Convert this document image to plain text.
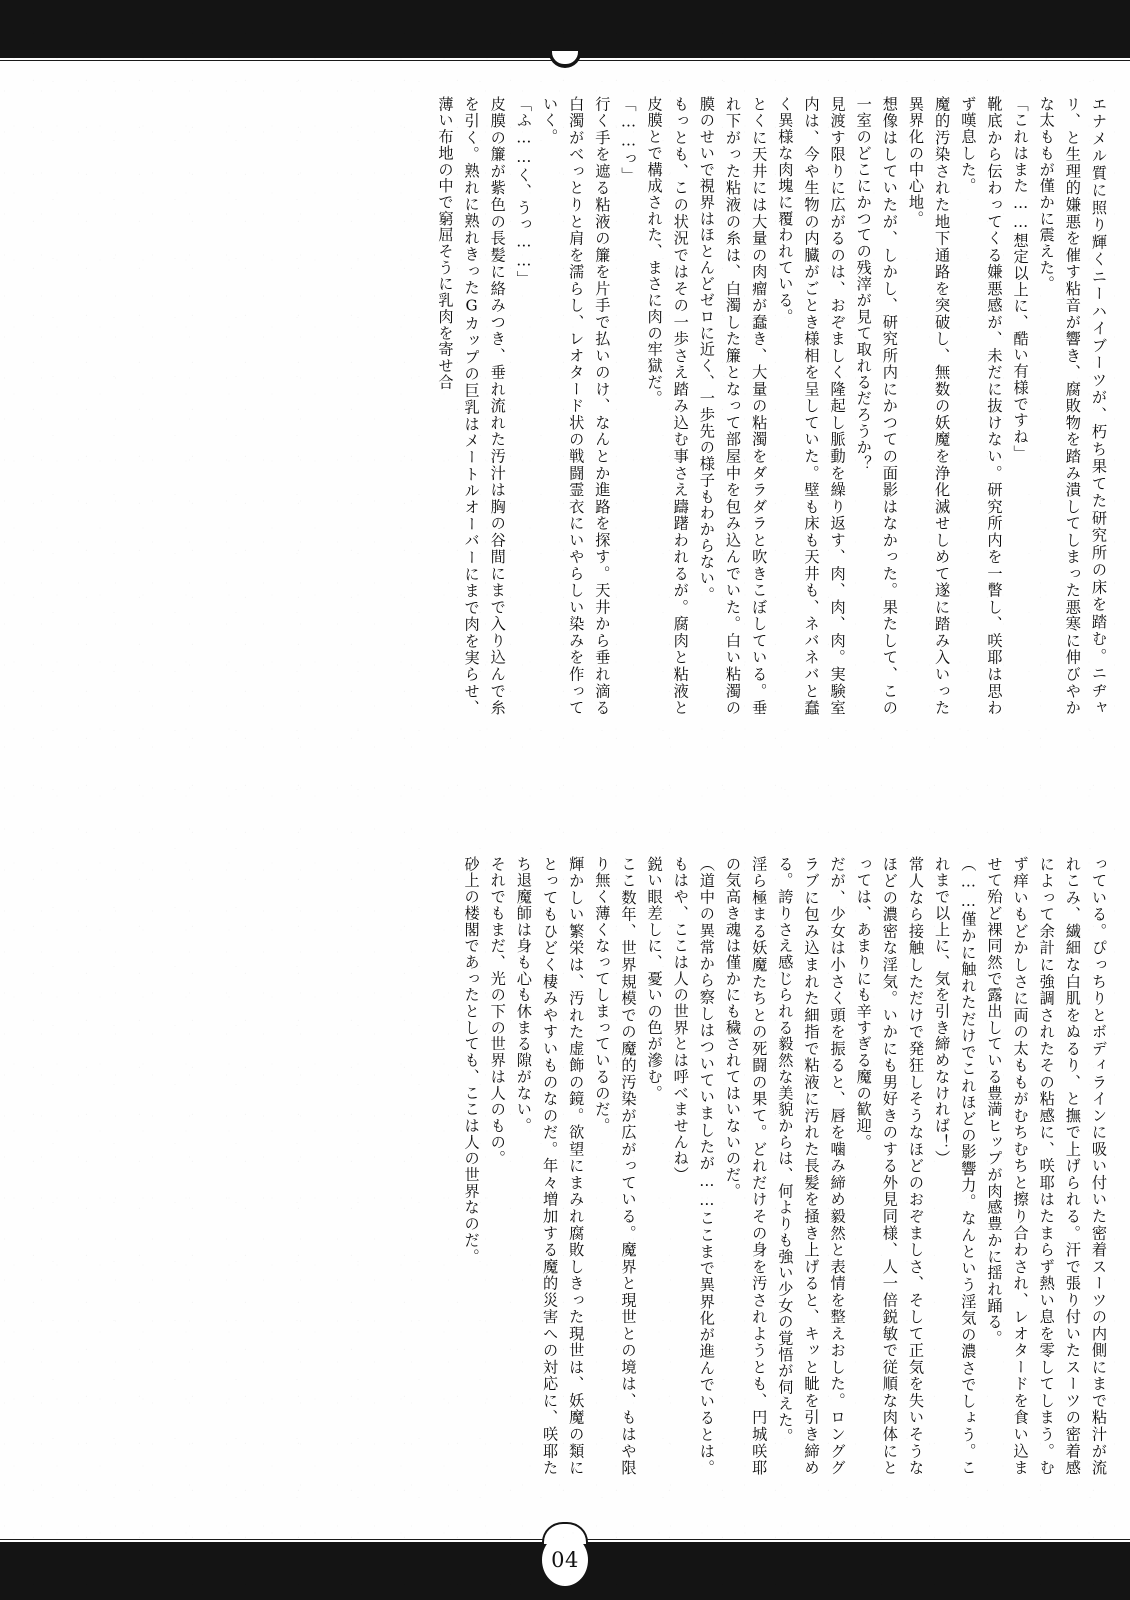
エナメル質に照り輝くニーハイブーツが、朽ち果てた研究所の床を踏む。ニヂャリ、と生理的嫌悪を催す粘音が響き、腐敗物を踏み潰してしまった悪寒に伸びやかな太ももが僅かに震えた。

「これはまた……想定以上に、酷い有様ですね」

靴底から伝わってくる嫌悪感が、未だに抜けない。研究所内を一瞥し、咲耶は思わず嘆息した。

魔的汚染された地下通路を突破し、無数の妖魔を浄化滅せしめて遂に踏み入いった異界化の中心地。

想像はしていたが、しかし、研究所内にかつての面影はなかった。果たして、この一室のどこにかつての残滓が見て取れるだろうか？

見渡す限りに広がるのは、おぞましく隆起し脈動を繰り返す、肉、肉、肉。実験室内は、今や生物の内臓がごとき様相を呈していた。壁も床も天井も、ネバネバと蠢く異様な肉塊に覆われている。

とくに天井には大量の肉瘤が蠢き、大量の粘濁をダラダラと吹きこぼしている。垂れ下がった粘液の糸は、白濁した簾となって部屋中を包み込んでいた。白い粘濁の膜のせいで視界はほとんどゼロに近く、一歩先の様子もわからない。

もっとも、この状況ではその一歩さえ踏み込む事さえ躊躇われるが。腐肉と粘液と皮膜とで構成された、まさに肉の牢獄だ。

「……っ」

行く手を遮る粘液の簾を片手で払いのけ、なんとか進路を探す。天井から垂れ滴る白濁がべっとりと肩を濡らし、レオタード状の戦闘霊衣にいやらしい染みを作っていく。

「ふ……く、うっ……」

皮膜の簾が紫色の長髪に絡みつき、垂れ流れた汚汁は胸の谷間にまで入り込んで糸を引く。熟れに熟れきったGカップの巨乳はメートルオーバーにまで肉を実らせ、薄い布地の中で窮屈そうに乳肉を寄せ合

っている。ぴっちりとボディラインに吸い付いた密着スーツの内側にまで粘汁が流れこみ、繊細な白肌をぬるり、と撫で上げられる。汗で張り付いたスーツの密着感によって余計に強調されたその粘感に、咲耶はたまらず熱い息を零してしまう。むず痒いもどかしさに両の太ももがむちむちと擦り合わされ、レオタードを食い込ませて殆ど裸同然で露出している豊満ヒップが肉感豊かに揺れ踊る。

（……僅かに触れただけでこれほどの影響力。なんという淫気の濃さでしょう。これまで以上に、気を引き締めなければ！）

常人なら接触しただけで発狂しそうなほどのおぞましさ、そして正気を失いそうなほどの濃密な淫気。いかにも男好きのする外見同様、人一倍鋭敏で従順な肉体にとっては、あまりにも辛すぎる魔の歓迎。

だが、少女は小さく頭を振ると、唇を噛み締め毅然と表情を整えおした。ロンググラブに包み込まれた細指で粘液に汚れた長髪を掻き上げると、キッと眦を引き締める。誇りさえ感じられる毅然な美貌からは、何よりも強い少女の覚悟が伺えた。

淫ら極まる妖魔たちとの死闘の果て。どれだけその身を汚されようとも、円城咲耶の気高き魂は僅かにも穢されてはいないのだ。

（道中の異常から察しはついていましたが……ここまで異界化が進んでいるとは。もはや、ここは人の世界とは呼べませんね）

鋭い眼差しに、憂いの色が滲む。

ここ数年、世界規模での魔的汚染が広がっている。魔界と現世との境は、もはや限り無く薄くなってしまっているのだ。

輝かしい繁栄は、汚れた虚飾の鏡。欲望にまみれ腐敗しきった現世は、妖魔の類にとってもひどく棲みやすいものなのだ。年々増加する魔的災害への対応に、咲耶たち退魔師は身も心も休まる隙がない。

それでもまだ、光の下の世界は人のもの。

砂上の楼閣であったとしても、ここは人の世界なのだ。

04
